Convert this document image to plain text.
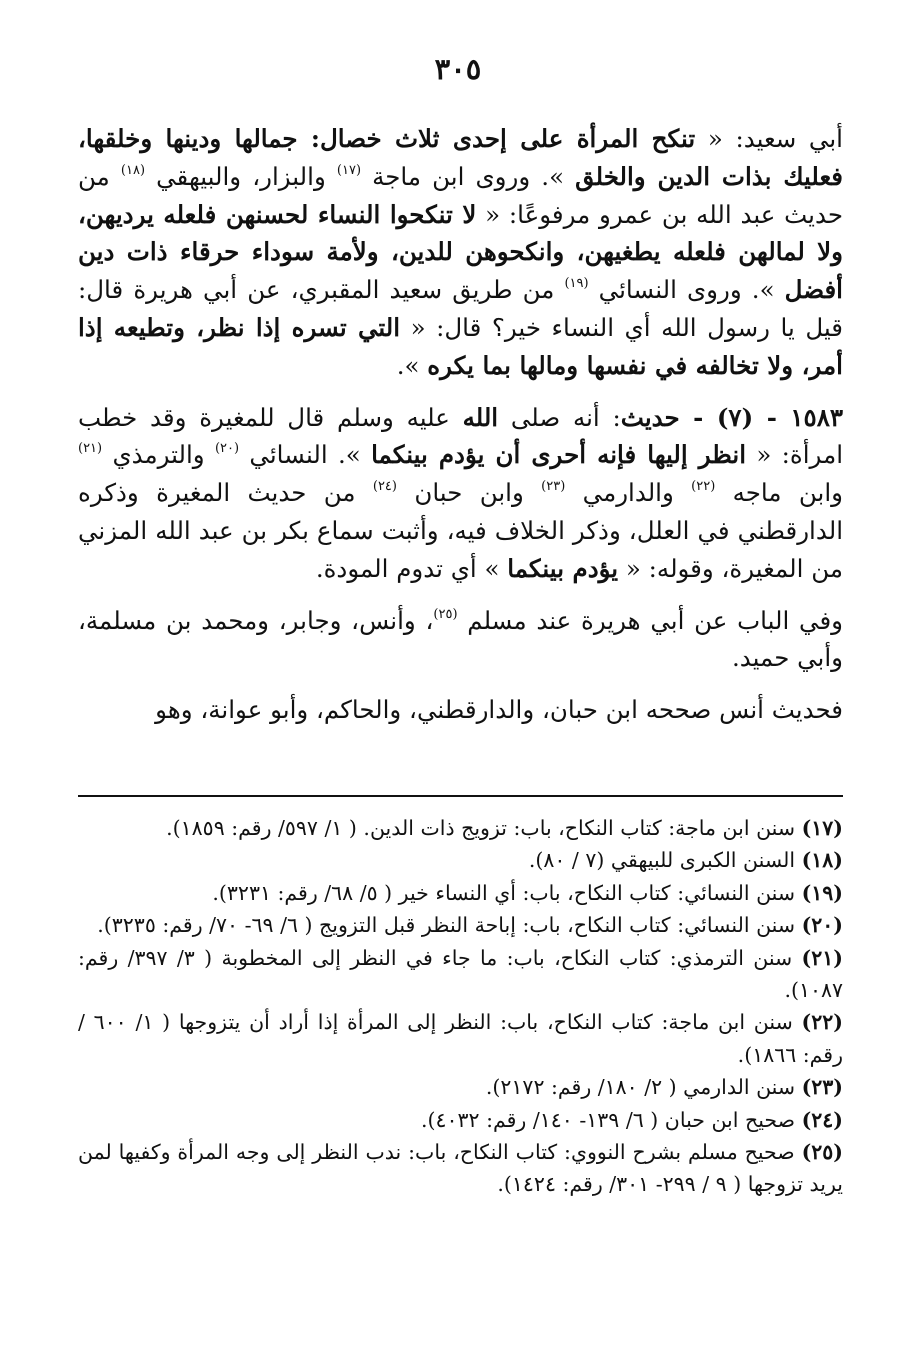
٣٠٥

أبي سعيد: « تنكح المرأة على إحدى ثلاث خصال: جمالها ودينها وخلقها، فعليك بذات الدين والخلق ». وروى ابن ماجة $^{(١٧)}$ والبزار، والبيهقي $^{(١٨)}$ من حديث عبد الله بن عمرو مرفوعًا: « لا تنكحوا النساء لحسنهن فلعله يرديهن، ولا لمالهن فلعله يطغيهن، وانكحوهن للدين، ولأمة سوداء حرقاء ذات دين أفضل ». وروى النسائي $^{(١٩)}$ من طريق سعيد المقبري، عن أبي هريرة قال: قيل يا رسول الله أي النساء خير؟ قال: « التي تسره إذا نظر، وتطيعه إذا أمر، ولا تخالفه في نفسها ومالها بما يكره ».

١٥٨٣ - (٧) - حديث: أنه صلى الله عليه وسلم قال للمغيرة وقد خطب امرأة: « انظر إليها فإنه أحرى أن يؤدم بينكما ». النسائي $^{(٢٠)}$ والترمذي $^{(٢١)}$ وابن ماجه $^{(٢٢)}$ والدارمي $^{(٢٣)}$ وابن حبان $^{(٢٤)}$ من حديث المغيرة وذكره الدارقطني في العلل، وذكر الخلاف فيه، وأثبت سماع بكر بن عبد الله المزني من المغيرة، وقوله: « يؤدم بينكما » أي تدوم المودة.

وفي الباب عن أبي هريرة عند مسلم $^{(٢٥)}$، وأنس، وجابر، ومحمد بن مسلمة، وأبي حميد.

فحديث أنس صححه ابن حبان، والدارقطني، والحاكم، وأبو عوانة، وهو

(١٧) سنن ابن ماجة: كتاب النكاح، باب: تزويج ذات الدين. ( ١/ ٥٩٧/ رقم: ١٨٥٩).

(١٨) السنن الكبرى للبيهقي (٧ / ٨٠).

(١٩) سنن النسائي: كتاب النكاح، باب: أي النساء خير ( ٥/ ٦٨/ رقم: ٣٢٣١).

(٢٠) سنن النسائي: كتاب النكاح، باب: إباحة النظر قبل التزويج ( ٦/ ٦٩- ٧٠/ رقم: ٣٢٣٥).

(٢١) سنن الترمذي: كتاب النكاح، باب: ما جاء في النظر إلى المخطوبة ( ٣/ ٣٩٧/ رقم: ١٠٨٧).

(٢٢) سنن ابن ماجة: كتاب النكاح، باب: النظر إلى المرأة إذا أراد أن يتزوجها ( ١/ ٦٠٠ / رقم: ١٨٦٦).

(٢٣) سنن الدارمي ( ٢/ ١٨٠/ رقم: ٢١٧٢).

(٢٤) صحيح ابن حبان ( ٦/ ١٣٩- ١٤٠/ رقم: ٤٠٣٢).

(٢٥) صحيح مسلم بشرح النووي: كتاب النكاح، باب: ندب النظر إلى وجه المرأة وكفيها لمن يريد تزوجها ( ٩ / ٢٩٩- ٣٠١/ رقم: ١٤٢٤).
